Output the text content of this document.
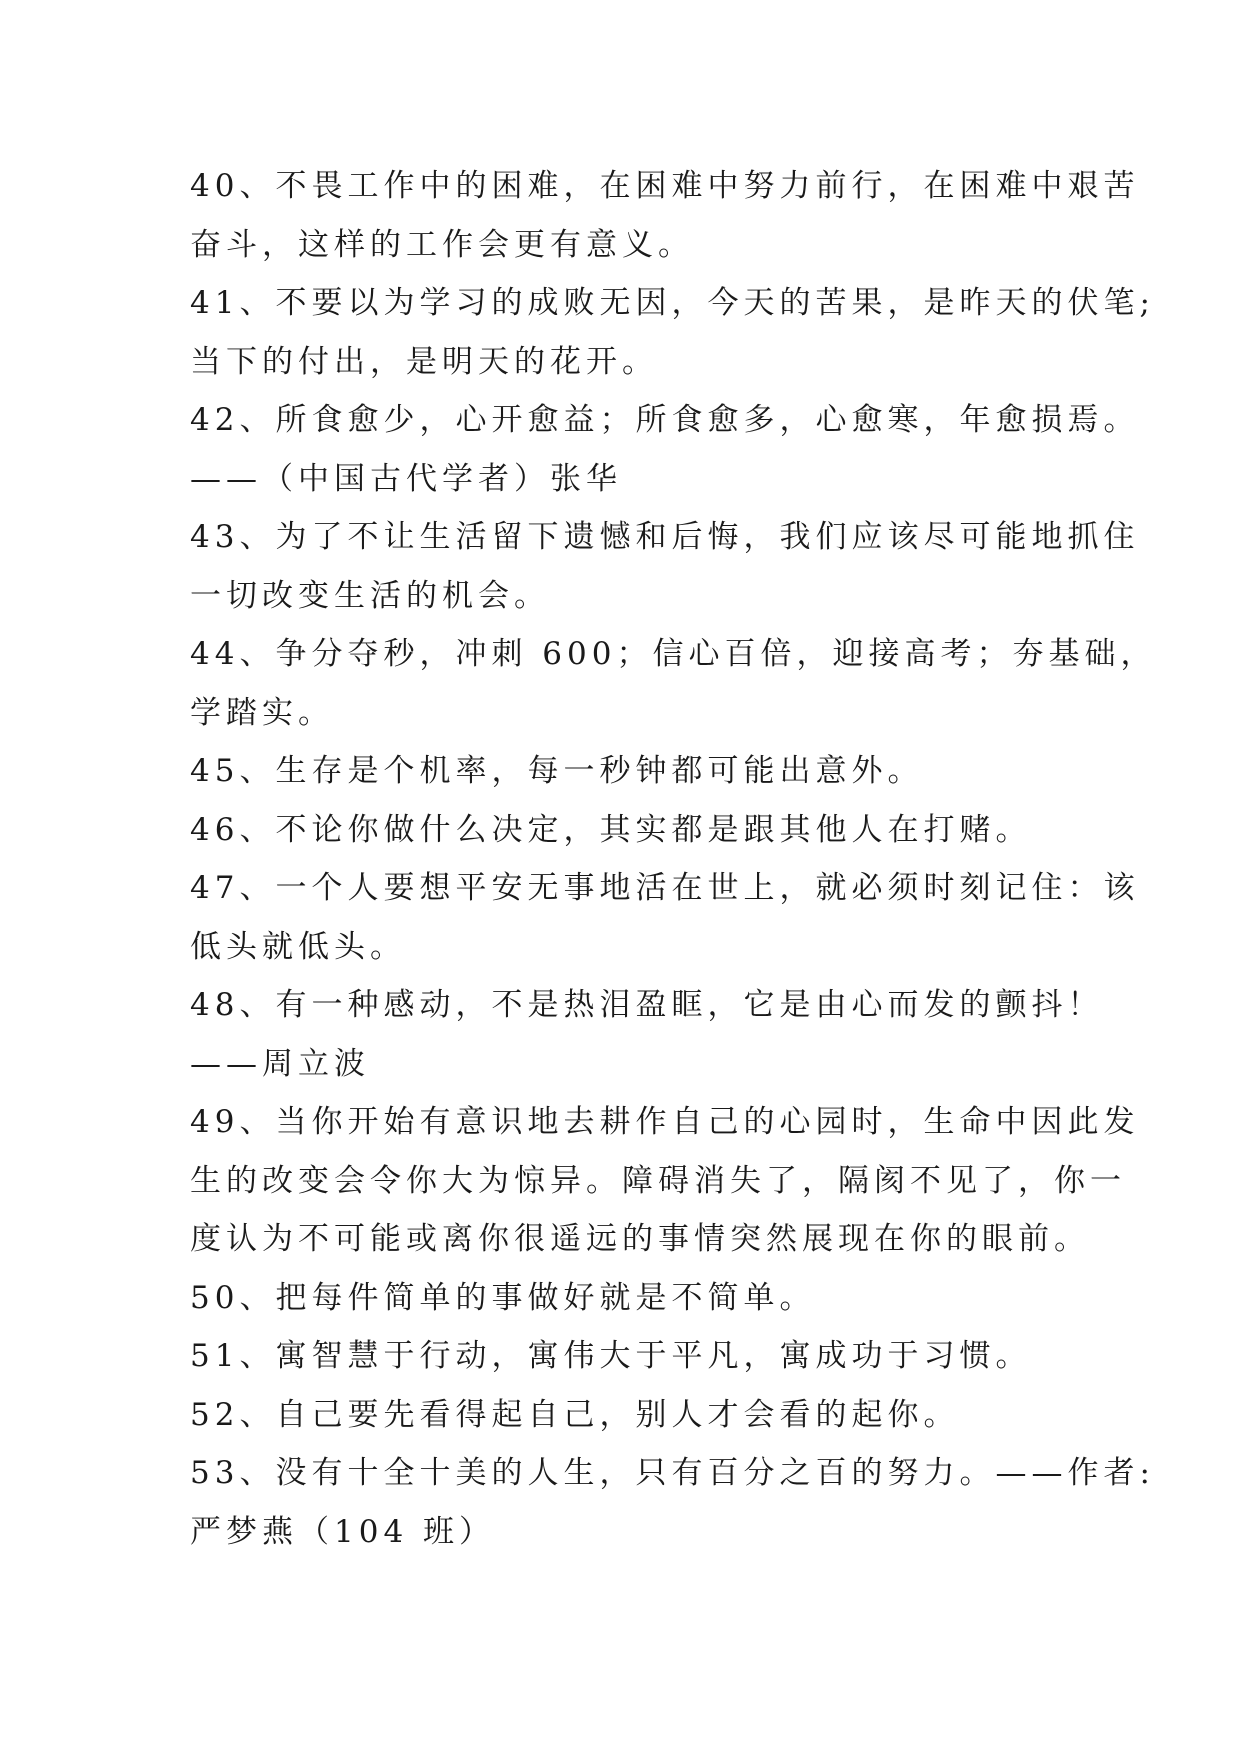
40、不畏工作中的困难，在困难中努力前行，在困难中艰苦
奋斗，这样的工作会更有意义。
41、不要以为学习的成败无因，今天的苦果，是昨天的伏笔;
当下的付出，是明天的花开。
42、所食愈少，心开愈益；所食愈多，心愈寒，年愈损焉。
——（中国古代学者）张华
43、为了不让生活留下遗憾和后悔，我们应该尽可能地抓住
一切改变生活的机会。
44、争分夺秒，冲刺 600；信心百倍，迎接高考；夯基础，
学踏实。
45、生存是个机率，每一秒钟都可能出意外。
46、不论你做什么决定，其实都是跟其他人在打赌。
47、一个人要想平安无事地活在世上，就必须时刻记住：该
低头就低头。
48、有一种感动，不是热泪盈眶，它是由心而发的颤抖！
——周立波
49、当你开始有意识地去耕作自己的心园时，生命中因此发
生的改变会令你大为惊异。障碍消失了，隔阂不见了，你一
度认为不可能或离你很遥远的事情突然展现在你的眼前。
50、把每件简单的事做好就是不简单。
51、寓智慧于行动，寓伟大于平凡，寓成功于习惯。
52、自己要先看得起自己，别人才会看的起你。
53、没有十全十美的人生，只有百分之百的努力。——作者:
严梦燕（104 班）
